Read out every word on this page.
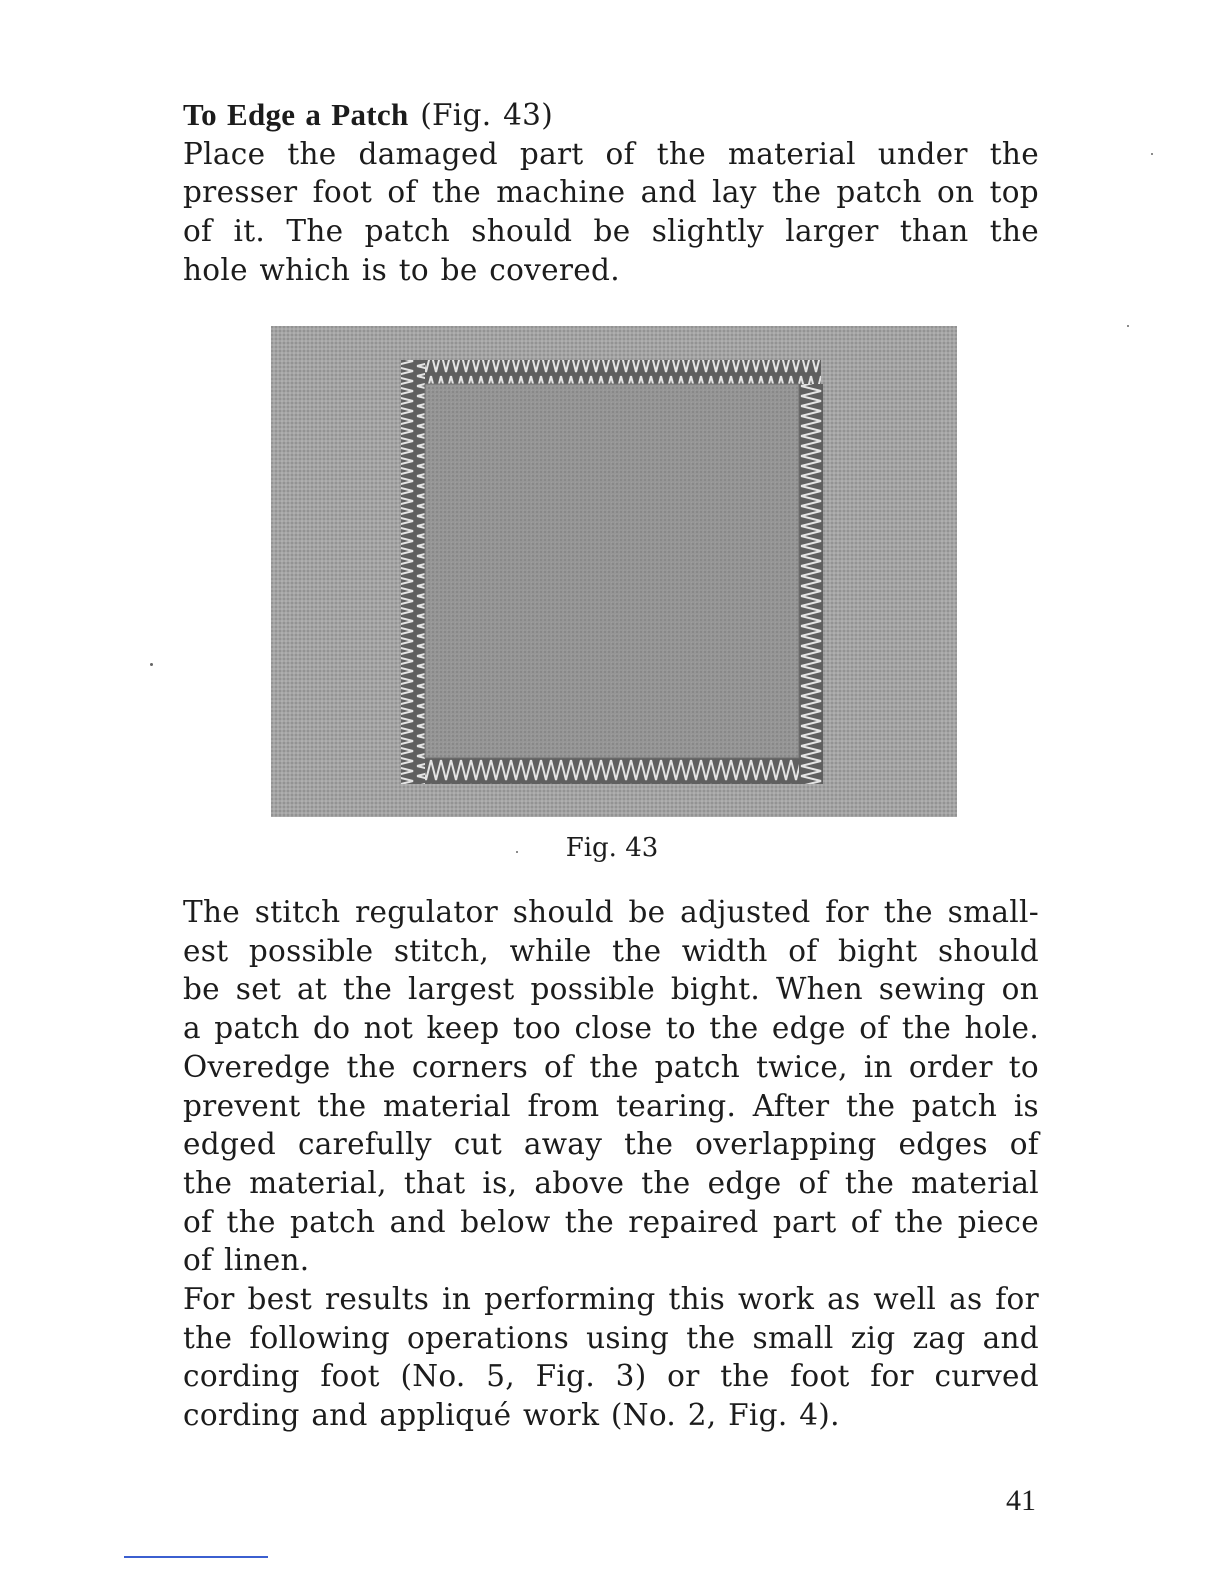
To Edge a Patch (Fig. 43)
Place the damaged part of the material under the
presser foot of the machine and lay the patch on top
of it. The patch should be slightly larger than the
hole which is to be covered.
Fig. 43
The stitch regulator should be adjusted for the small-
est possible stitch, while the width of bight should
be set at the largest possible bight. When sewing on
a patch do not keep too close to the edge of the hole.
Overedge the corners of the patch twice, in order to
prevent the material from tearing. After the patch is
edged carefully cut away the overlapping edges of
the material, that is, above the edge of the material
of the patch and below the repaired part of the piece
of linen.
For best results in performing this work as well as for
the following operations using the small zig zag and
cording foot (No. 5, Fig. 3) or the foot for curved
cording and appliqué work (No. 2, Fig. 4).
41
